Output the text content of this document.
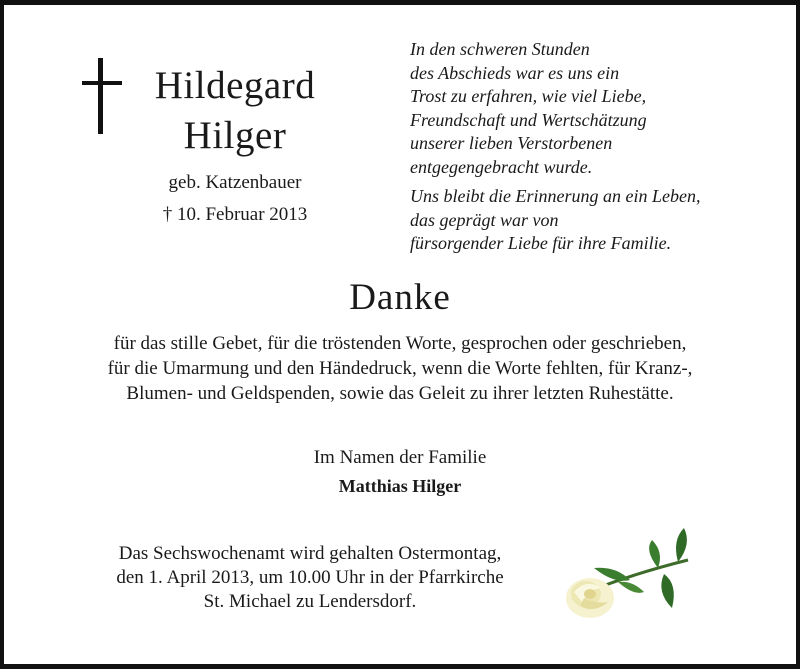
Hildegard
Hilger
geb. Katzenbauer
† 10. Februar 2013
In den schweren Stunden
des Abschieds war es uns ein
Trost zu erfahren, wie viel Liebe,
Freundschaft und Wertschätzung
unserer lieben Verstorbenen
entgegengebracht wurde.
Uns bleibt die Erinnerung an ein Leben,
das geprägt war von
fürsorgender Liebe für ihre Familie.
Danke
für das stille Gebet, für die tröstenden Worte, gesprochen oder geschrieben,
für die Umarmung und den Händedruck, wenn die Worte fehlten, für Kranz-,
Blumen- und Geldspenden, sowie das Geleit zu ihrer letzten Ruhestätte.
Im Namen der Familie
Matthias Hilger
Das Sechswochenamt wird gehalten Ostermontag,
den 1. April 2013, um 10.00 Uhr in der Pfarrkirche
St. Michael zu Lendersdorf.
